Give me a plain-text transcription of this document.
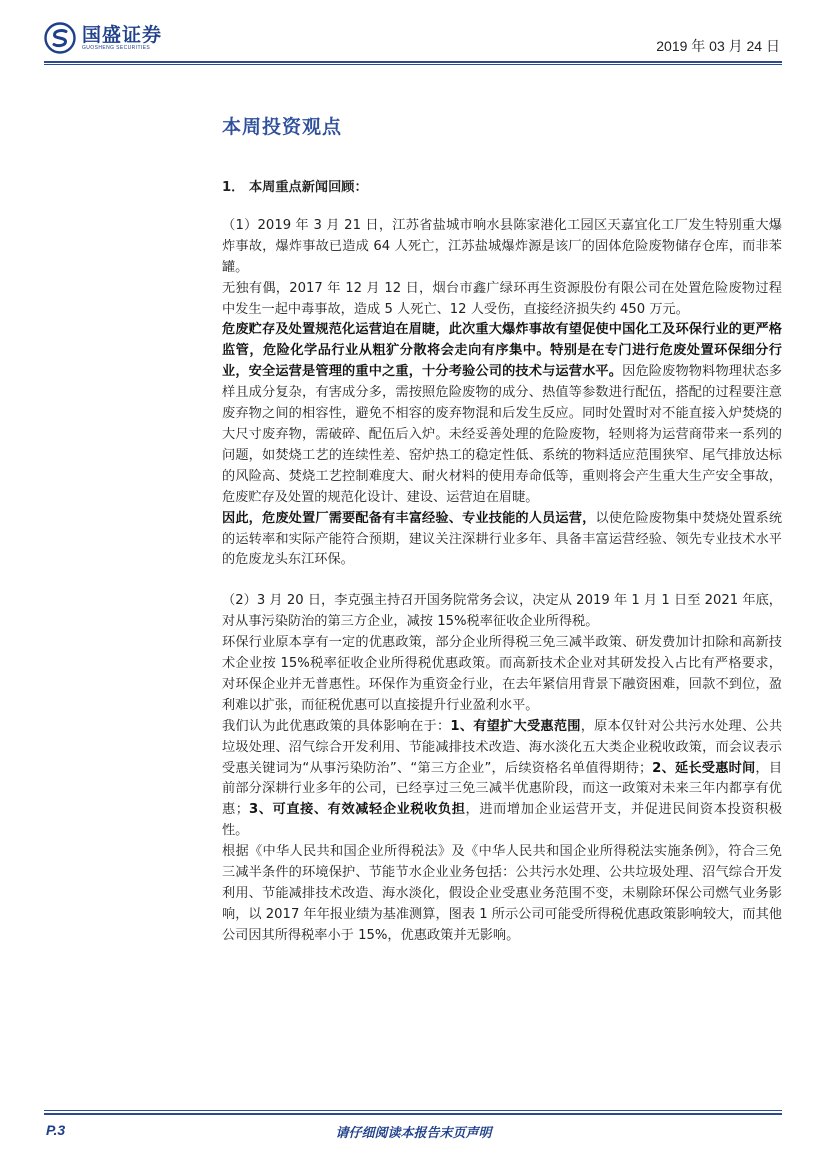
国盛证券
GUOSHENG SECURITIES	2019 年 03 月 24 日
本周投资观点

1． 本周重点新闻回顾：

（1）2019 年 3 月 21 日，江苏省盐城市响水县陈家港化工园区天嘉宜化工厂发生特别重大爆炸事故，爆炸事故已造成 64 人死亡，江苏盐城爆炸源是该厂的固体危险废物储存仓库，而非苯罐。

无独有偶，2017 年 12 月 12 日，烟台市鑫广绿环再生资源股份有限公司在处置危险废物过程中发生一起中毒事故，造成 5 人死亡、12 人受伤，直接经济损失约 450 万元。

危废贮存及处置规范化运营迫在眉睫，此次重大爆炸事故有望促使中国化工及环保行业的更严格监管，危险化学品行业从粗犷分散将会走向有序集中。特别是在专门进行危废处置环保细分行业，安全运营是管理的重中之重，十分考验公司的技术与运营水平。因危险废物物料物理状态多样且成分复杂，有害成分多，需按照危险废物的成分、热值等参数进行配伍，搭配的过程要注意废弃物之间的相容性，避免不相容的废弃物混和后发生反应。同时处置时对不能直接入炉焚烧的大尺寸废弃物，需破碎、配伍后入炉。未经妥善处理的危险废物，轻则将为运营商带来一系列的问题，如焚烧工艺的连续性差、窑炉热工的稳定性低、系统的物料适应范围狭窄、尾气排放达标的风险高、焚烧工艺控制难度大、耐火材料的使用寿命低等，重则将会产生重大生产安全事故，危废贮存及处置的规范化设计、建设、运营迫在眉睫。

因此，危废处置厂需要配备有丰富经验、专业技能的人员运营，以使危险废物集中焚烧处置系统的运转率和实际产能符合预期，建议关注深耕行业多年、具备丰富运营经验、领先专业技术水平的危废龙头东江环保。

（2）3 月 20 日，李克强主持召开国务院常务会议，决定从 2019 年 1 月 1 日至 2021 年底，对从事污染防治的第三方企业，减按 15%税率征收企业所得税。

环保行业原本享有一定的优惠政策，部分企业所得税三免三减半政策、研发费加计扣除和高新技术企业按 15%税率征收企业所得税优惠政策。而高新技术企业对其研发投入占比有严格要求，对环保企业并无普惠性。环保作为重资金行业，在去年紧信用背景下融资困难，回款不到位，盈利难以扩张，而征税优惠可以直接提升行业盈利水平。

我们认为此优惠政策的具体影响在于：1、有望扩大受惠范围，原本仅针对公共污水处理、公共垃圾处理、沼气综合开发利用、节能减排技术改造、海水淡化五大类企业税收政策，而会议表示受惠关键词为“从事污染防治”、“第三方企业”，后续资格名单值得期待；2、延长受惠时间，目前部分深耕行业多年的公司，已经享过三免三减半优惠阶段，而这一政策对未来三年内都享有优惠；3、可直接、有效减轻企业税收负担，进而增加企业运营开支，并促进民间资本投资积极性。

根据《中华人民共和国企业所得税法》及《中华人民共和国企业所得税法实施条例》，符合三免三减半条件的环境保护、节能节水企业业务包括：公共污水处理、公共垃圾处理、沼气综合开发利用、节能减排技术改造、海水淡化，假设企业受惠业务范围不变，未剔除环保公司燃气业务影响，以 2017 年年报业绩为基准测算，图表 1 所示公司可能受所得税优惠政策影响较大，而其他公司因其所得税率小于 15%，优惠政策并无影响。

P.3	请仔细阅读本报告末页声明
